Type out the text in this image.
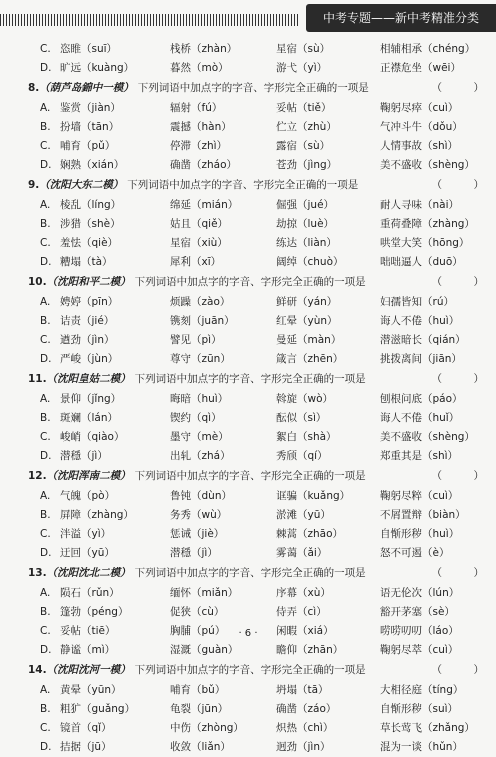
中考专题——新中考精准分类
C. 恣睢（suī）	栈桥（zhàn）	星宿（sù）	相辅相承（chéng）
D. 旷远（kuàng）	暮然（mò）	游弋（yì）	正襟危坐（wēi）
8.（葫芦岛錦中一模） 下列词语中加点字的字音、字形完全正确的一项是	（　　　）
A. 鉴赏（jiàn）	辐射（fú）	妥帖（tiě）	鞠躬尽瘁（cuì）
B. 扮墙（tān）	震撼（hàn）	伫立（zhù）	气冲斗牛（dǒu）
C. 哺育（pǔ）	停滞（zhì）	露宿（sù）	人情事故（shì）
D. 娴熟（xián）	确凿（zháo）	苍劲（jìng）	美不盛收（shèng）
9.（沈阳大东二模） 下列词语中加点字的字音、字形完全正确的一项是	（　　　）
A. 棱乱（líng）	绵延（mián）	倔强（jué）	耐人寻味（nài）
B. 涉猎（shè）	姑且（qiě）	劫掠（luè）	重荷叠障（zhàng）
C. 羞怯（qiè）	星宿（xiù）	练达（liàn）	哄堂大笑（hōng）
D. 糟塌（tà）	犀利（xī）	阔绰（chuò）	咄咄逼人（duō）
10.（沈阳和平二模） 下列词语中加点字的字音、字形完全正确的一项是	（　　　）
A. 娉婷（pīn）	烦躁（zào）	鲜研（yán）	妇孺皆知（rú）
B. 诘责（jié）	镌刻（juān）	红晕（yùn）	诲人不倦（huì）
C. 遒劲（jìn）	譬见（pì）	曼延（màn）	潜滋暗长（qián）
D. 严峻（jùn）	尊守（zūn）	箴言（zhēn）	挑拨离间（jiān）
11.（沈阳皇姑二模） 下列词语中加点字的字音、字形完全正确的一项是	（　　　）
A. 景仰（jǐng）	晦暗（huì）	斡旋（wò）	刨根问底（páo）
B. 斑斓（lán）	锲约（qì）	酝似（sì）	诲人不倦（huǐ）
C. 峻峭（qiào）	墨守（mè）	絮白（shà）	美不盛收（shèng）
D. 潜穩（jì）	出轧（zhá）	秀颀（qí）	郑重其是（shì）
12.（沈阳浑南二模） 下列词语中加点字的字音、字形完全正确的一项是	（　　　）
A. 气魄（pò）	鲁钝（dùn）	诓骗（kuǎng）	鞠躬尽粹（cuì）
B. 屏障（zhàng）	务秀（wù）	淤滩（yū）	不屑置辩（biàn）
C. 泮溢（yì）	惩诫（jiè）	棘蒿（zhāo）	自惭形秽（huì）
D. 迂回（yū）	潜穩（jì）	雾蔼（ǎi）	怒不可遏（è）
13.（沈阳沈北二模） 下列词语中加点字的字音、字形完全正确的一项是	（　　　）
A. 陨石（rǔn）	缅怀（miǎn）	序幕（xù）	语无伦次（lún）
B. 篷勃（péng）	促狭（cù）	侍弄（cì）	豁开茅塞（sè）
C. 妥帖（tiē）	胸脯（pú）	闲暇（xiá）	唠唠叨叨（láo）
D. 静谧（mì）	湿溉（guàn）	瞻仰（zhān）	鞠躬尽萃（cuì）
14.（沈阳沈河一模） 下列词语中加点字的字音、字形完全正确的一项是	（　　　）
A. 黄晕（yūn）	哺育（bǔ）	坍塌（tā）	大相径庭（tíng）
B. 粗犷（guǎng）	龟裂（jūn）	确凿（záo）	自惭形秽（suì）
C. 镜首（qǐ）	中伤（zhòng）	炽热（chì）	草长莺飞（zhǎng）
D. 拮据（jū）	收敛（liǎn）	迥劲（jìn）	混为一谈（hǔn）
· 6 ·
